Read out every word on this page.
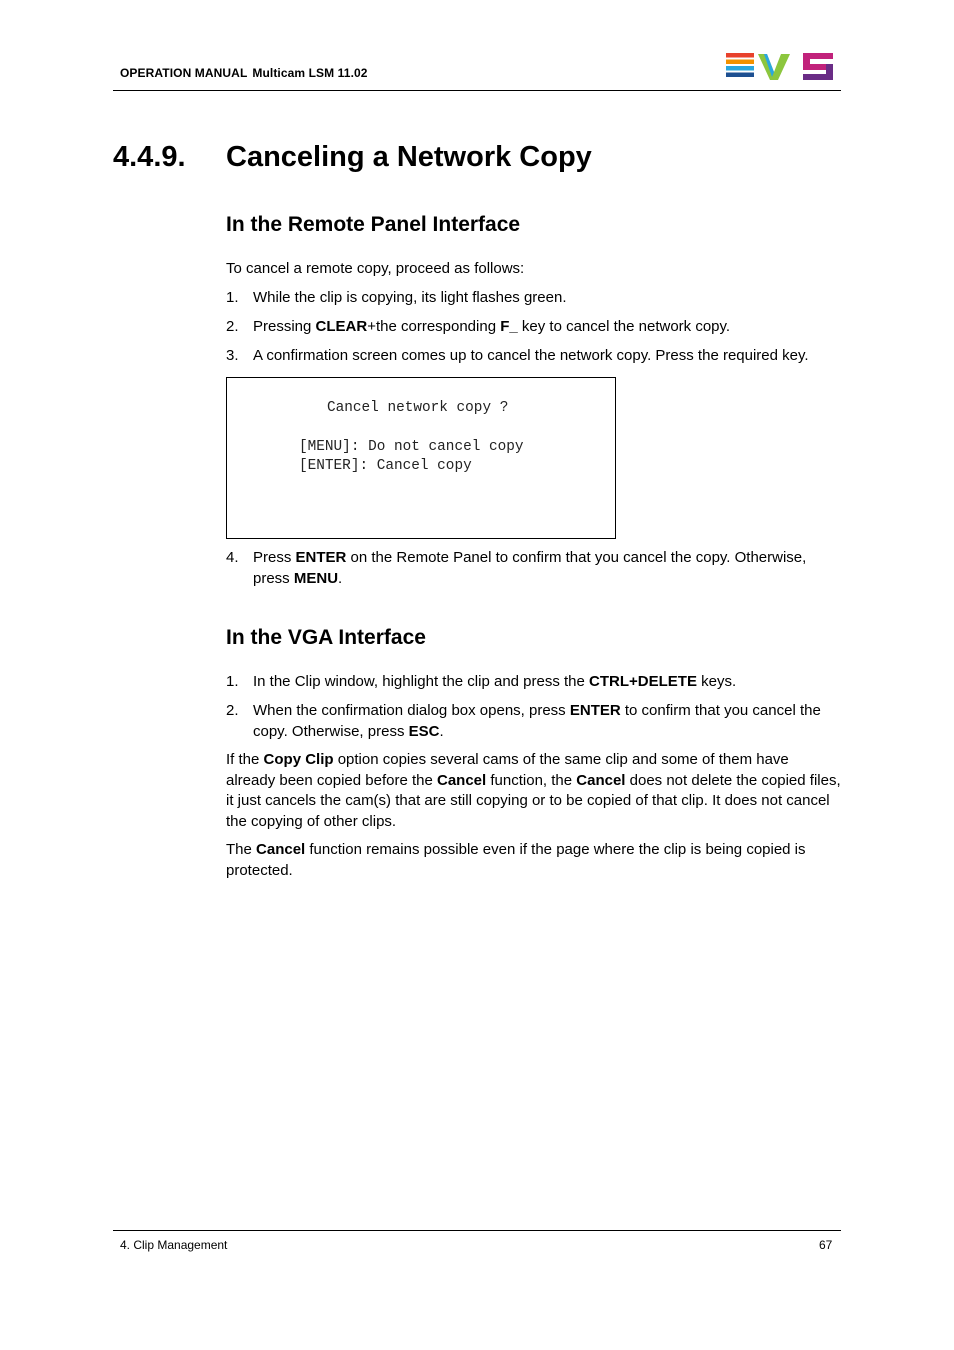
OPERATION MANUAL Multicam LSM 11.02
4.4.9. Canceling a Network Copy
In the Remote Panel Interface
To cancel a remote copy, proceed as follows:
1. While the clip is copying, its light flashes green.
2. Pressing CLEAR+the corresponding F_ key to cancel the network copy.
3. A confirmation screen comes up to cancel the network copy. Press the required key.
Cancel network copy ?
[MENU]: Do not cancel copy
[ENTER]: Cancel copy
4. Press ENTER on the Remote Panel to confirm that you cancel the copy. Otherwise, press MENU.
In the VGA Interface
1. In the Clip window, highlight the clip and press the CTRL+DELETE keys.
2. When the confirmation dialog box opens, press ENTER to confirm that you cancel the copy. Otherwise, press ESC.
If the Copy Clip option copies several cams of the same clip and some of them have already been copied before the Cancel function, the Cancel does not delete the copied files, it just cancels the cam(s) that are still copying or to be copied of that clip. It does not cancel the copying of other clips.
The Cancel function remains possible even if the page where the clip is being copied is protected.
4. Clip Management	67
